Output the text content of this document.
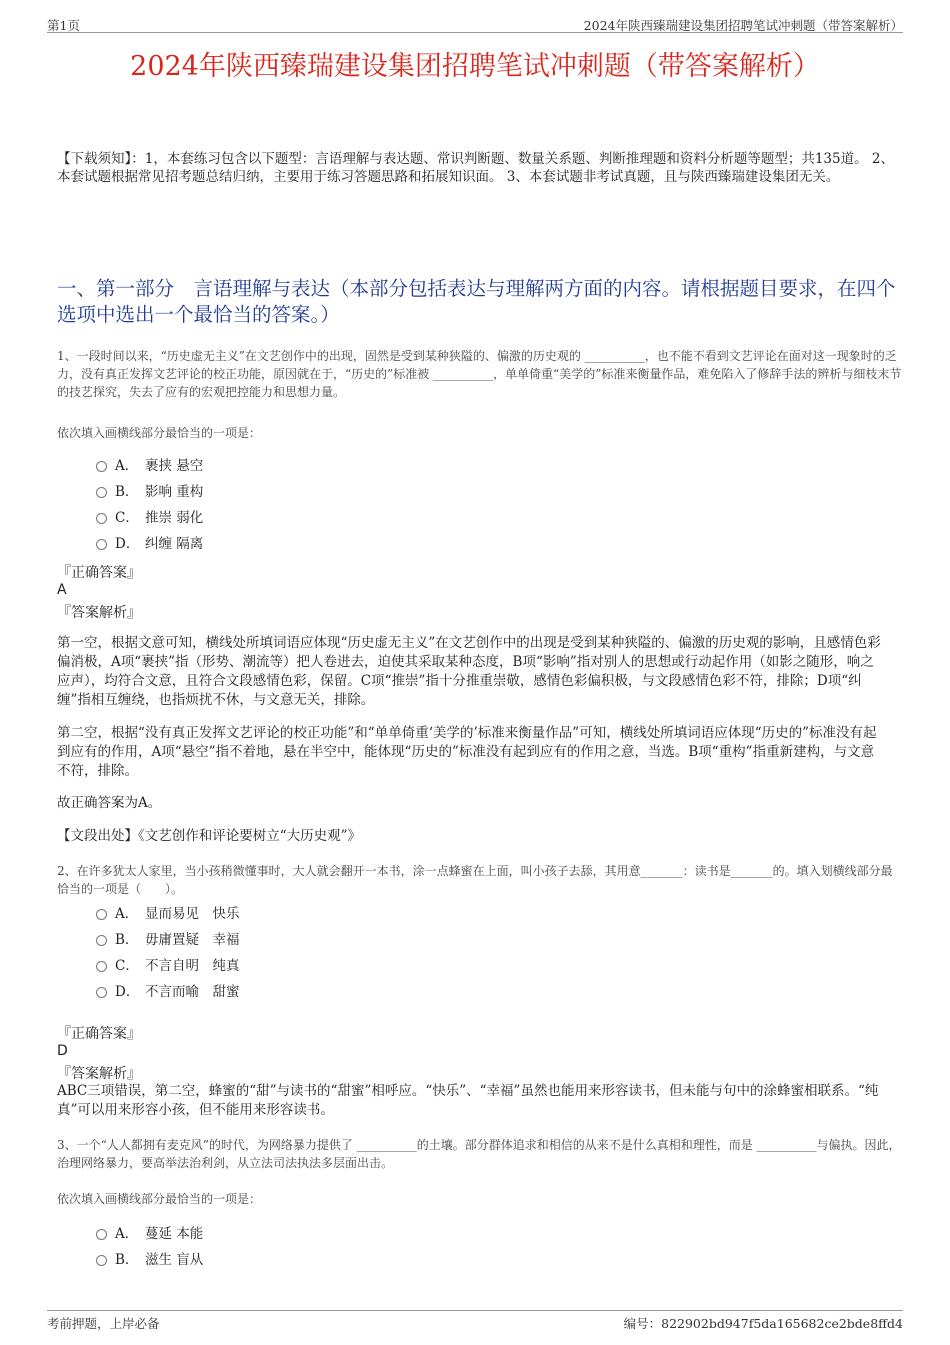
第1页	2024年陕西臻瑞建设集团招聘笔试冲刺题（带答案解析）
2024年陕西臻瑞建设集团招聘笔试冲刺题（带答案解析）
【下载须知】：1，本套练习包含以下题型：言语理解与表达题、常识判断题、数量关系题、判断推理题和资料分析题等题型；共135道。 2、本套试题根据常见招考题总结归纳，主要用于练习答题思路和拓展知识面。 3、本套试题非考试真题，且与陕西臻瑞建设集团无关。
一、第一部分　言语理解与表达（本部分包括表达与理解两方面的内容。请根据题目要求，在四个选项中选出一个最恰当的答案。）
1、一段时间以来，“历史虚无主义”在文艺创作中的出现，固然是受到某种狭隘的、偏激的历史观的 __________，也不能不看到文艺评论在面对这一现象时的乏力，没有真正发挥文艺评论的校正功能，原因就在于，“历史的”标准被 __________，单单倚重“美学的”标准来衡量作品，难免陷入了修辞手法的辨析与细枝末节的技艺探究，失去了应有的宏观把控能力和思想力量。
依次填入画横线部分最恰当的一项是：
A． 裹挟 悬空
B． 影响 重构
C． 推崇 弱化
D． 纠缠 隔离
『正确答案』
A
『答案解析』
第一空，根据文意可知，横线处所填词语应体现“历史虚无主义”在文艺创作中的出现是受到某种狭隘的、偏激的历史观的影响，且感情色彩偏消极，A项“裹挟”指（形势、潮流等）把人卷进去，迫使其采取某种态度，B项“影响”指对别人的思想或行动起作用（如影之随形，响之应声），均符合文意，且符合文段感情色彩，保留。C项“推崇”指十分推重崇敬，感情色彩偏积极，与文段感情色彩不符，排除；D项“纠缠”指相互缠绕，也指烦扰不休，与文意无关，排除。
第二空，根据“没有真正发挥文艺评论的校正功能”和“单单倚重‘美学的’标准来衡量作品”可知，横线处所填词语应体现“历史的”标准没有起到应有的作用，A项“悬空”指不着地，悬在半空中，能体现“历史的”标准没有起到应有的作用之意，当选。B项“重构”指重新建构，与文意不符，排除。
故正确答案为A。
【文段出处】《文艺创作和评论要树立“大历史观”》
2、在许多犹太人家里，当小孩稍微懂事时，大人就会翻开一本书，涂一点蜂蜜在上面，叫小孩子去舔，其用意_______：读书是_______的。填入划横线部分最恰当的一项是（　　）。
A． 显而易见　快乐
B． 毋庸置疑　幸福
C． 不言自明　纯真
D． 不言而喻　甜蜜
『正确答案』
D
『答案解析』
ABC三项错误，第二空，蜂蜜的“甜”与读书的“甜蜜”相呼应。“快乐”、“幸福”虽然也能用来形容读书，但未能与句中的涂蜂蜜相联系。“纯真”可以用来形容小孩，但不能用来形容读书。
3、一个“人人都拥有麦克风”的时代，为网络暴力提供了 __________的土壤。部分群体追求和相信的从来不是什么真相和理性，而是 __________与偏执。因此，治理网络暴力，要高举法治利剑，从立法司法执法多层面出击。
依次填入画横线部分最恰当的一项是：
A． 蔓延 本能
B． 滋生 盲从
考前押题，上岸必备	编号：822902bd947f5da165682ce2bde8ffd4
